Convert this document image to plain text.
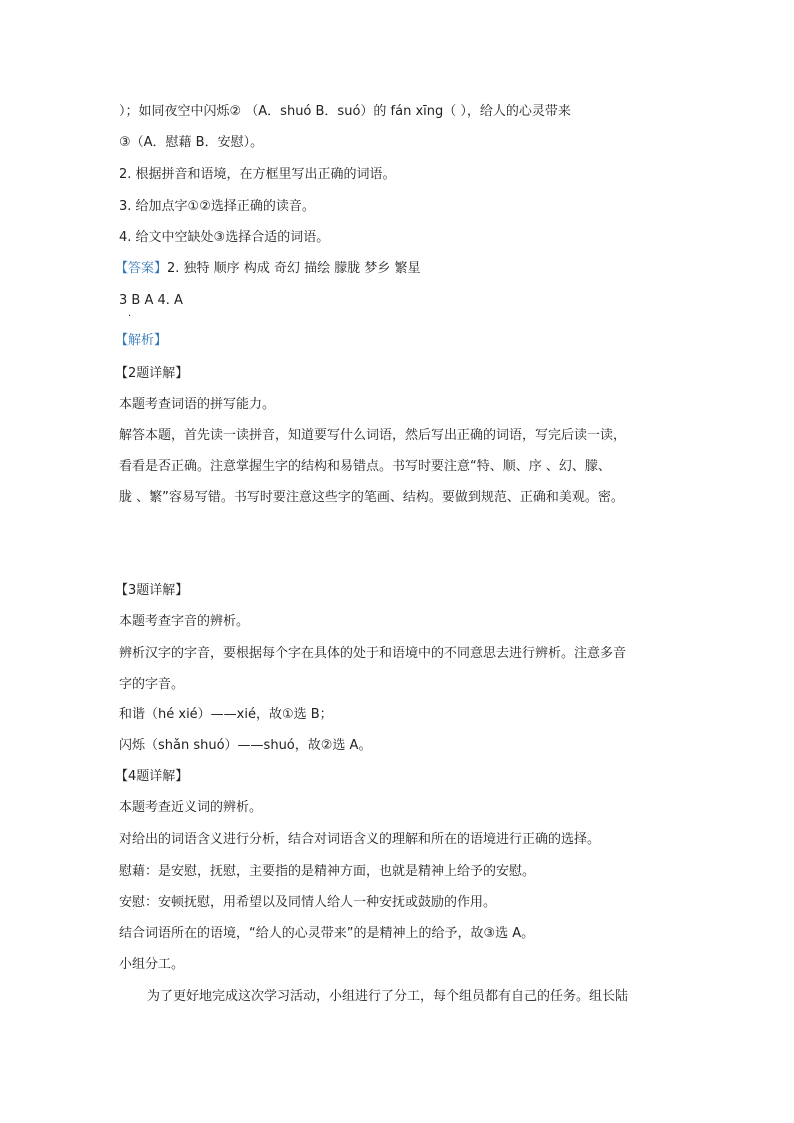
）；如同夜空中闪烁② （A．shuó B．suó）的 fán xīng（ ），给人的心灵带来
③（A．慰藉 B．安慰）。
2. 根据拼音和语境，在方框里写出正确的词语。
3. 给加点字①②选择正确的读音。
4. 给文中空缺处③选择合适的词语。
【答案】2. 独特 顺序 构成 奇幻 描绘 朦胧 梦乡 繁星
3 B A 4. A
·
【解析】
【2题详解】
本题考查词语的拼写能力。
解答本题，首先读一读拼音，知道要写什么词语，然后写出正确的词语，写完后读一读，
看看是否正确。注意掌握生字的结构和易错点。书写时要注意“特、顺、序 、幻、朦、
胧 、繁”容易写错。书写时要注意这些字的笔画、结构。要做到规范、正确和美观。密。
【3题详解】
本题考查字音的辨析。
辨析汉字的字音，要根据每个字在具体的处于和语境中的不同意思去进行辨析。注意多音
字的字音。
和谐（hé xié）——xié，故①选 B；
闪烁（shǎn shuó）——shuó，故②选 A。
【4题详解】
本题考查近义词的辨析。
对给出的词语含义进行分析，结合对词语含义的理解和所在的语境进行正确的选择。
慰藉：是安慰，抚慰，主要指的是精神方面，也就是精神上给予的安慰。
安慰：安顿抚慰，用希望以及同情人给人一种安抚或鼓励的作用。
结合词语所在的语境，“给人的心灵带来”的是精神上的给予，故③选 A。
小组分工。
为了更好地完成这次学习活动，小组进行了分工，每个组员都有自己的任务。组长陆
